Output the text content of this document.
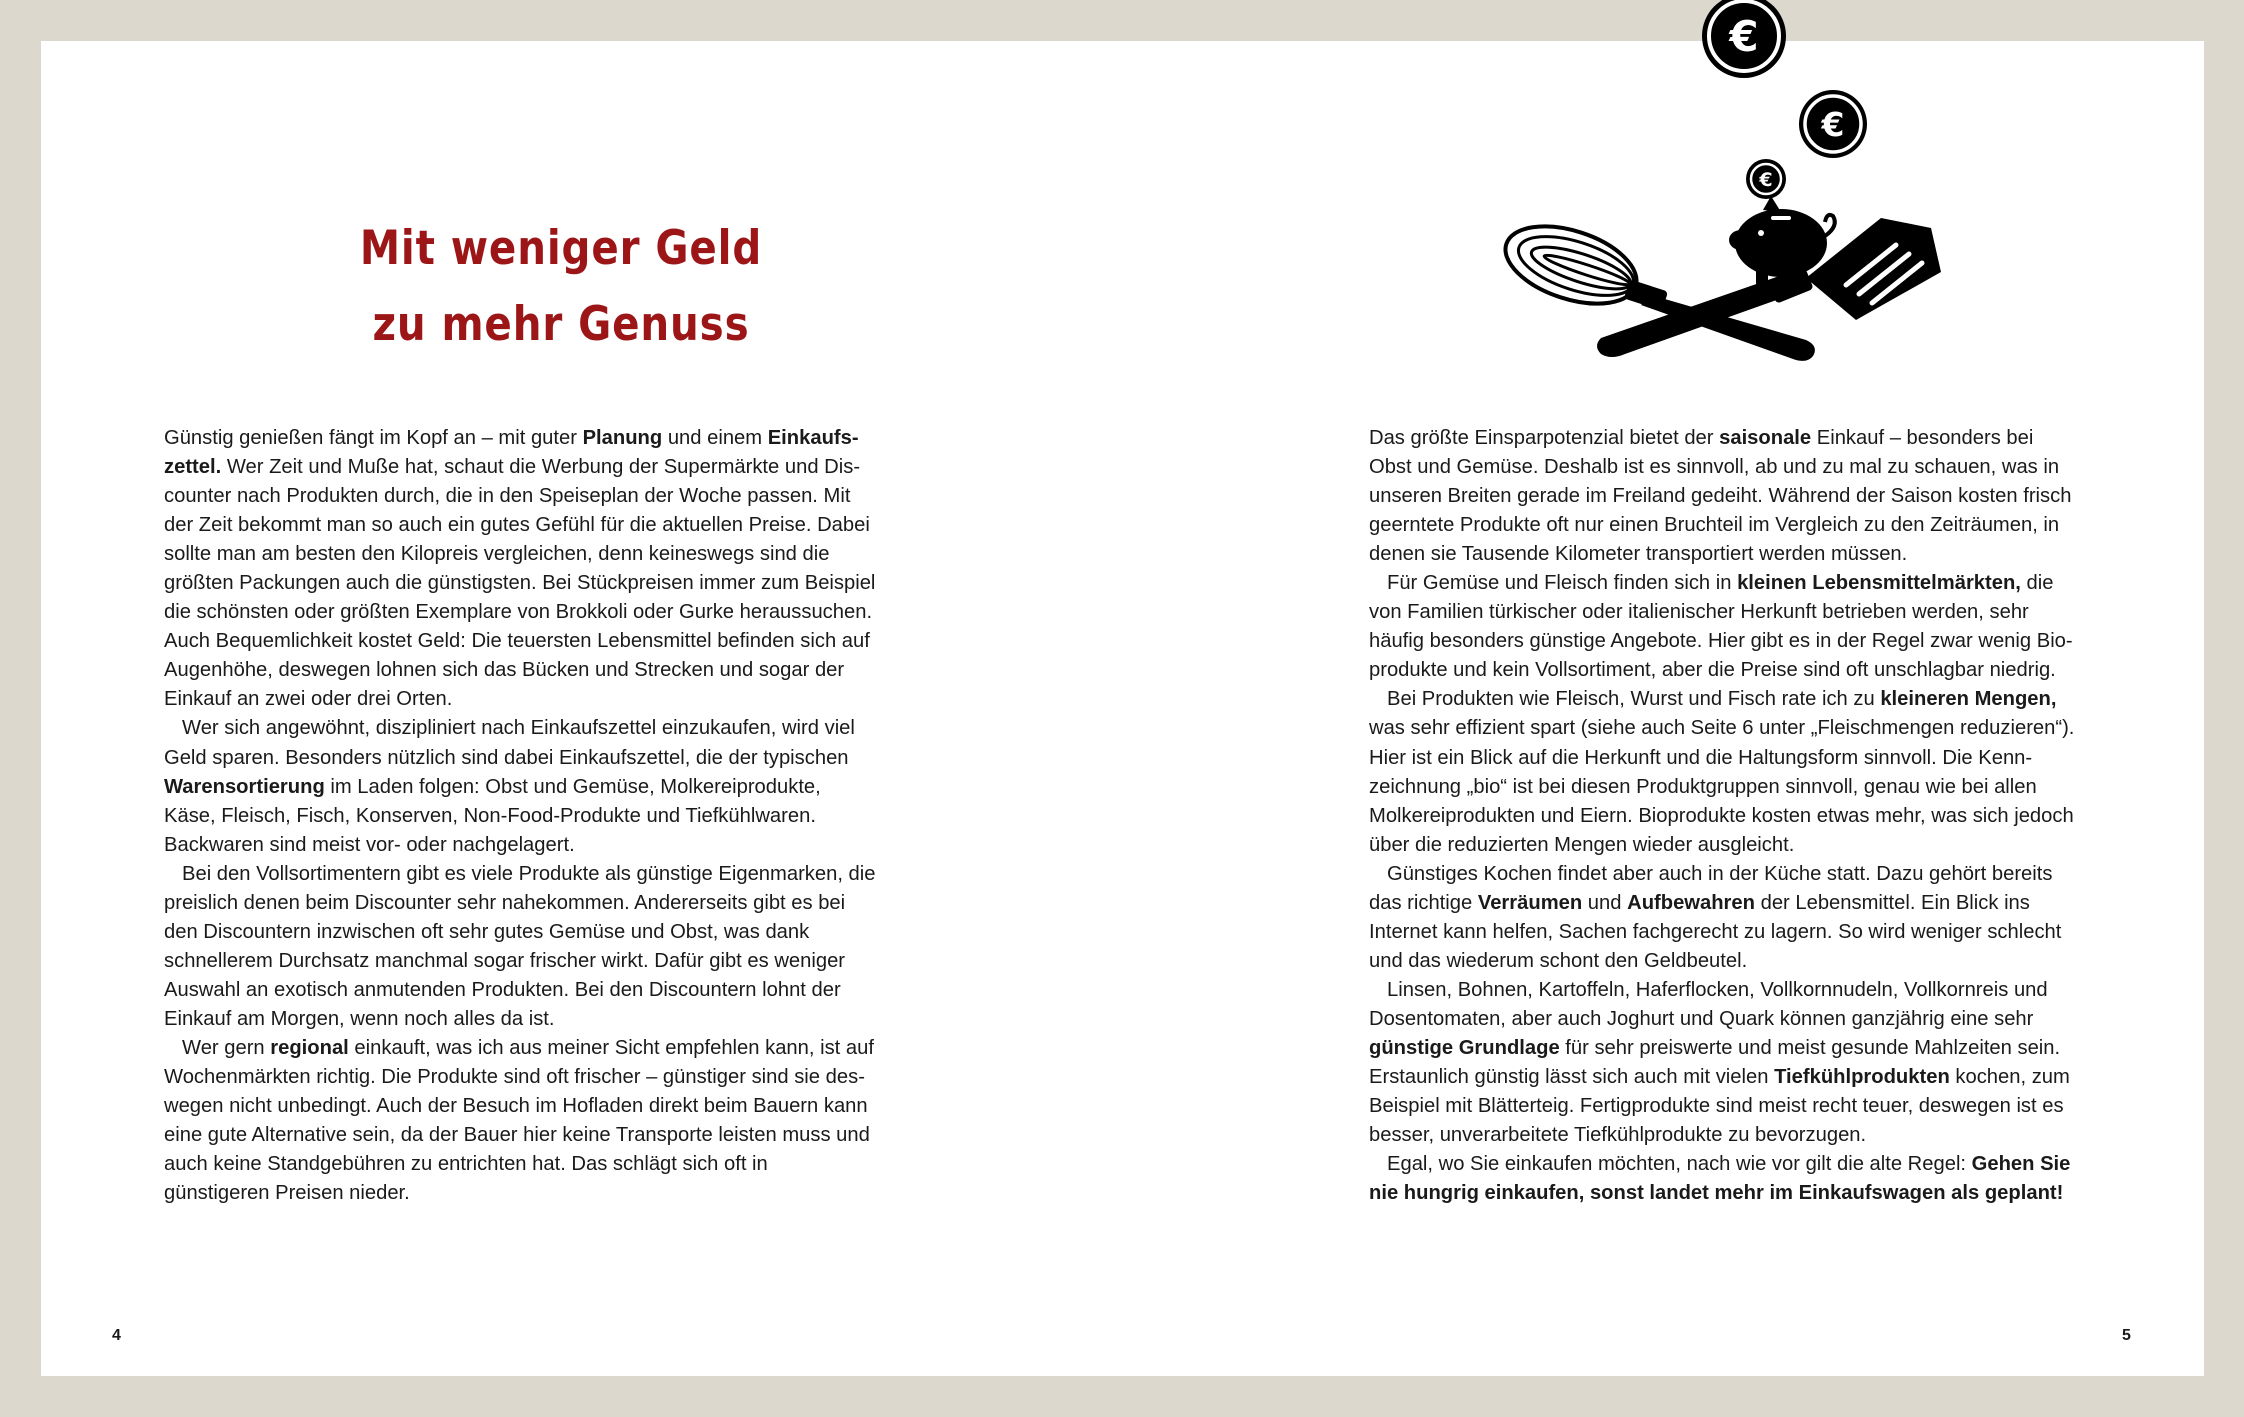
Mit weniger Geld
zu mehr Genuss
€
€
€

Günstig genießen fängt im Kopf an – mit guter Planung und einem Einkaufszettel. Wer Zeit und Muße hat, schaut die Werbung der Supermärkte und Discounter nach Produkten durch, die in den Speiseplan der Woche passen. Mit der Zeit bekommt man so auch ein gutes Gefühl für die aktuellen Preise. Dabei sollte man am besten den Kilopreis vergleichen, denn keineswegs sind die größten Packungen auch die günstigsten. Bei Stückpreisen immer zum Beispiel die schönsten oder größten Exemplare von Brokkoli oder Gurke heraussuchen. Auch Bequemlichkeit kostet Geld: Die teuersten Lebensmittel befinden sich auf Augenhöhe, deswegen lohnen sich das Bücken und Strecken und sogar der Einkauf an zwei oder drei Orten.

Wer sich angewöhnt, diszipliniert nach Einkaufszettel einzukaufen, wird viel Geld sparen. Besonders nützlich sind dabei Einkaufszettel, die der typischen Warensortierung im Laden folgen: Obst und Gemüse, Molkereiprodukte, Käse, Fleisch, Fisch, Konserven, Non-Food-Produkte und Tiefkühlwaren. Backwaren sind meist vor- oder nachgelagert.

Bei den Vollsortimentern gibt es viele Produkte als günstige Eigenmarken, die preislich denen beim Discounter sehr nahekommen. Andererseits gibt es bei den Discountern inzwischen oft sehr gutes Gemüse und Obst, was dank schnellerem Durchsatz manchmal sogar frischer wirkt. Dafür gibt es weniger Auswahl an exotisch anmutenden Produkten. Bei den Discountern lohnt der Einkauf am Morgen, wenn noch alles da ist.

Wer gern regional einkauft, was ich aus meiner Sicht empfehlen kann, ist auf Wochenmärkten richtig. Die Produkte sind oft frischer – günstiger sind sie deswegen nicht unbedingt. Auch der Besuch im Hofladen direkt beim Bauern kann eine gute Alternative sein, da der Bauer hier keine Transporte leisten muss und auch keine Standgebühren zu entrichten hat. Das schlägt sich oft in günstigeren Preisen nieder.

Das größte Einsparpotenzial bietet der saisonale Einkauf – besonders bei Obst und Gemüse. Deshalb ist es sinnvoll, ab und zu mal zu schauen, was in unseren Breiten gerade im Freiland gedeiht. Während der Saison kosten frisch geerntete Produkte oft nur einen Bruchteil im Vergleich zu den Zeiträumen, in denen sie Tausende Kilometer transportiert werden müssen.

Für Gemüse und Fleisch finden sich in kleinen Lebensmittelmärkten, die von Familien türkischer oder italienischer Herkunft betrieben werden, sehr häufig besonders günstige Angebote. Hier gibt es in der Regel zwar wenig Bioprodukte und kein Vollsortiment, aber die Preise sind oft unschlagbar niedrig.

Bei Produkten wie Fleisch, Wurst und Fisch rate ich zu kleineren Mengen, was sehr effizient spart (siehe auch Seite 6 unter „Fleischmengen reduzieren“). Hier ist ein Blick auf die Herkunft und die Haltungsform sinnvoll. Die Kennzeichnung „bio“ ist bei diesen Produktgruppen sinnvoll, genau wie bei allen Molkereiprodukten und Eiern. Bioprodukte kosten etwas mehr, was sich jedoch über die reduzierten Mengen wieder ausgleicht.

Günstiges Kochen findet aber auch in der Küche statt. Dazu gehört bereits das richtige Verräumen und Aufbewahren der Lebensmittel. Ein Blick ins Internet kann helfen, Sachen fachgerecht zu lagern. So wird weniger schlecht und das wiederum schont den Geldbeutel.

Linsen, Bohnen, Kartoffeln, Haferflocken, Vollkornnudeln, Vollkornreis und Dosentomaten, aber auch Joghurt und Quark können ganzjährig eine sehr günstige Grundlage für sehr preiswerte und meist gesunde Mahlzeiten sein. Erstaunlich günstig lässt sich auch mit vielen Tiefkühlprodukten kochen, zum Beispiel mit Blätterteig. Fertigprodukte sind meist recht teuer, deswegen ist es besser, unverarbeitete Tiefkühlprodukte zu bevorzugen.

Egal, wo Sie einkaufen möchten, nach wie vor gilt die alte Regel: Gehen Sie nie hungrig einkaufen, sonst landet mehr im Einkaufswagen als geplant!

4	5
